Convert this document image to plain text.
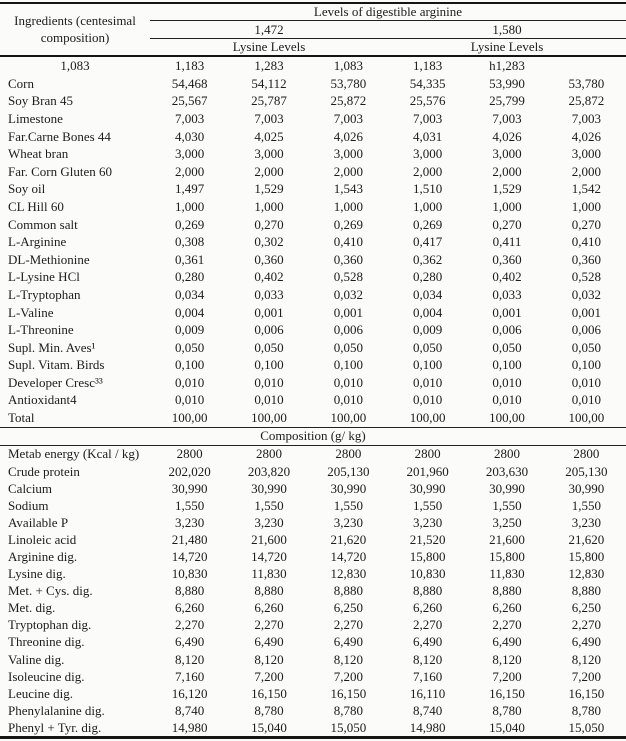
Ingredients (centesimal composition)	Levels of digestible arginine					
	1,472			1,580		
	Lysine Levels			Lysine Levels		
1,083	1,183	1,283	1,083	1,183	h1,283	
Corn	54,468	54,112	53,780	54,335	53,990	53,780
Soy Bran 45	25,567	25,787	25,872	25,576	25,799	25,872
Limestone	7,003	7,003	7,003	7,003	7,003	7,003
Far.Carne Bones 44	4,030	4,025	4,026	4,031	4,026	4,026
Wheat bran	3,000	3,000	3,000	3,000	3,000	3,000
Far. Corn Gluten 60	2,000	2,000	2,000	2,000	2,000	2,000
Soy oil	1,497	1,529	1,543	1,510	1,529	1,542
CL Hill 60	1,000	1,000	1,000	1,000	1,000	1,000
Common salt	0,269	0,270	0,269	0,269	0,270	0,270
L-Arginine	0,308	0,302	0,410	0,417	0,411	0,410
DL-Methionine	0,361	0,360	0,360	0,362	0,360	0,360
L-Lysine HCl	0,280	0,402	0,528	0,280	0,402	0,528
L-Tryptophan	0,034	0,033	0,032	0,034	0,033	0,032
L-Valine	0,004	0,001	0,001	0,004	0,001	0,001
L-Threonine	0,009	0,006	0,006	0,009	0,006	0,006
Supl. Min. Aves¹	0,050	0,050	0,050	0,050	0,050	0,050
Supl. Vitam. Birds	0,100	0,100	0,100	0,100	0,100	0,100
Developer Cresc³³	0,010	0,010	0,010	0,010	0,010	0,010
Antioxidant4	0,010	0,010	0,010	0,010	0,010	0,010
Total	100,00	100,00	100,00	100,00	100,00	100,00
Composition (g/ kg)						
Metab energy (Kcal / kg)	2800	2800	2800	2800	2800	2800
Crude protein	202,020	203,820	205,130	201,960	203,630	205,130
Calcium	30,990	30,990	30,990	30,990	30,990	30,990
Sodium	1,550	1,550	1,550	1,550	1,550	1,550
Available P	3,230	3,230	3,230	3,230	3,250	3,230
Linoleic acid	21,480	21,600	21,620	21,520	21,600	21,620
Arginine dig.	14,720	14,720	14,720	15,800	15,800	15,800
Lysine dig.	10,830	11,830	12,830	10,830	11,830	12,830
Met. + Cys. dig.	8,880	8,880	8,880	8,880	8,880	8,880
Met. dig.	6,260	6,260	6,250	6,260	6,260	6,250
Tryptophan dig.	2,270	2,270	2,270	2,270	2,270	2,270
Threonine dig.	6,490	6,490	6,490	6,490	6,490	6,490
Valine dig.	8,120	8,120	8,120	8,120	8,120	8,120
Isoleucine dig.	7,160	7,200	7,200	7,160	7,200	7,200
Leucine dig.	16,120	16,150	16,150	16,110	16,150	16,150
Phenylalanine dig.	8,740	8,780	8,780	8,740	8,780	8,780
Phenyl + Tyr. dig.	14,980	15,040	15,050	14,980	15,040	15,050
